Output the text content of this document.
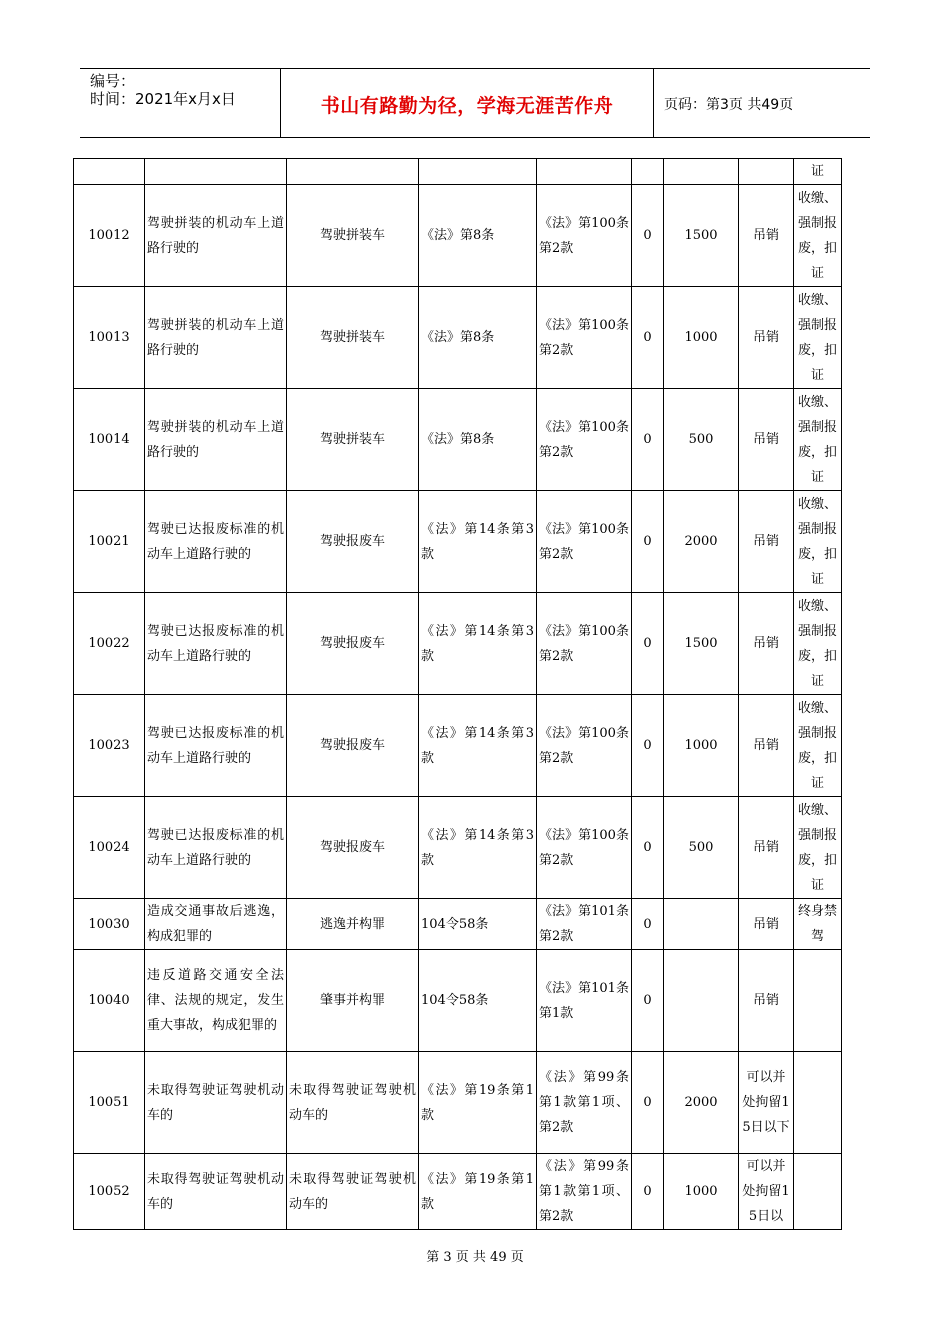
编号：
时间：2021年x月x日	书山有路勤为径，学海无涯苦作舟	页码：第3页 共49页
								证
10012	驾驶拼装的机动车上道路行驶的	驾驶拼装车	《法》第8条	《法》第100条第2款	0	1500	吊销	收缴、强制报废，扣证
10013	驾驶拼装的机动车上道路行驶的	驾驶拼装车	《法》第8条	《法》第100条第2款	0	1000	吊销	收缴、强制报废，扣证
10014	驾驶拼装的机动车上道路行驶的	驾驶拼装车	《法》第8条	《法》第100条第2款	0	500	吊销	收缴、强制报废，扣证
10021	驾驶已达报废标准的机动车上道路行驶的	驾驶报废车	《法》第14条第3款	《法》第100条第2款	0	2000	吊销	收缴、强制报废，扣证
10022	驾驶已达报废标准的机动车上道路行驶的	驾驶报废车	《法》第14条第3款	《法》第100条第2款	0	1500	吊销	收缴、强制报废，扣证
10023	驾驶已达报废标准的机动车上道路行驶的	驾驶报废车	《法》第14条第3款	《法》第100条第2款	0	1000	吊销	收缴、强制报废，扣证
10024	驾驶已达报废标准的机动车上道路行驶的	驾驶报废车	《法》第14条第3款	《法》第100条第2款	0	500	吊销	收缴、强制报废，扣证
10030	造成交通事故后逃逸，构成犯罪的	逃逸并构罪	104令58条	《法》第101条第2款	0		吊销	终身禁驾
10040	违反道路交通安全法律、法规的规定，发生重大事故，构成犯罪的	肇事并构罪	104令58条	《法》第101条第1款	0		吊销	
10051	未取得驾驶证驾驶机动车的	未取得驾驶证驾驶机动车的	《法》第19条第1款	《法》第99条第1款第1项、第2款	0	2000	可以并处拘留15日以下	
10052	未取得驾驶证驾驶机动车的	未取得驾驶证驾驶机动车的	《法》第19条第1款	《法》第99条第1款第1项、第2款	0	1000	可以并处拘留15日以	
第 3 页 共 49 页
